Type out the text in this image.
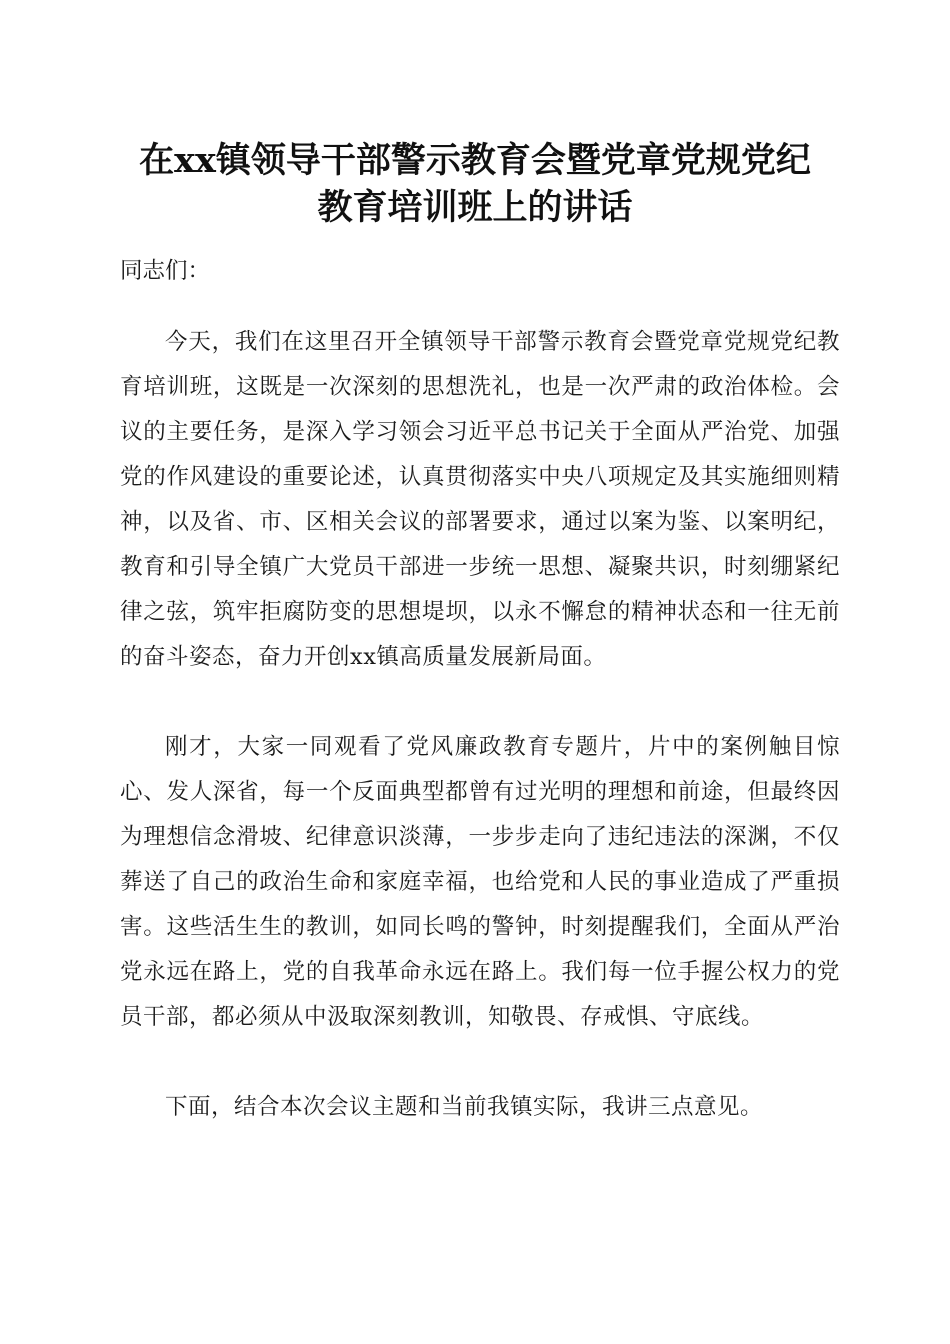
在xx镇领导干部警示教育会暨党章党规党纪
教育培训班上的讲话
同志们：
今天，我们在这里召开全镇领导干部警示教育会暨党章党规党纪教育培训班，这既是一次深刻的思想洗礼，也是一次严肃的政治体检。会议的主要任务，是深入学习领会习近平总书记关于全面从严治党、加强党的作风建设的重要论述，认真贯彻落实中央八项规定及其实施细则精神，以及省、市、区相关会议的部署要求，通过以案为鉴、以案明纪，教育和引导全镇广大党员干部进一步统一思想、凝聚共识，时刻绷紧纪律之弦，筑牢拒腐防变的思想堤坝，以永不懈怠的精神状态和一往无前的奋斗姿态，奋力开创xx镇高质量发展新局面。
刚才，大家一同观看了党风廉政教育专题片，片中的案例触目惊心、发人深省，每一个反面典型都曾有过光明的理想和前途，但最终因为理想信念滑坡、纪律意识淡薄，一步步走向了违纪违法的深渊，不仅葬送了自己的政治生命和家庭幸福，也给党和人民的事业造成了严重损害。这些活生生的教训，如同长鸣的警钟，时刻提醒我们，全面从严治党永远在路上，党的自我革命永远在路上。我们每一位手握公权力的党员干部，都必须从中汲取深刻教训，知敬畏、存戒惧、守底线。
下面，结合本次会议主题和当前我镇实际，我讲三点意见。
